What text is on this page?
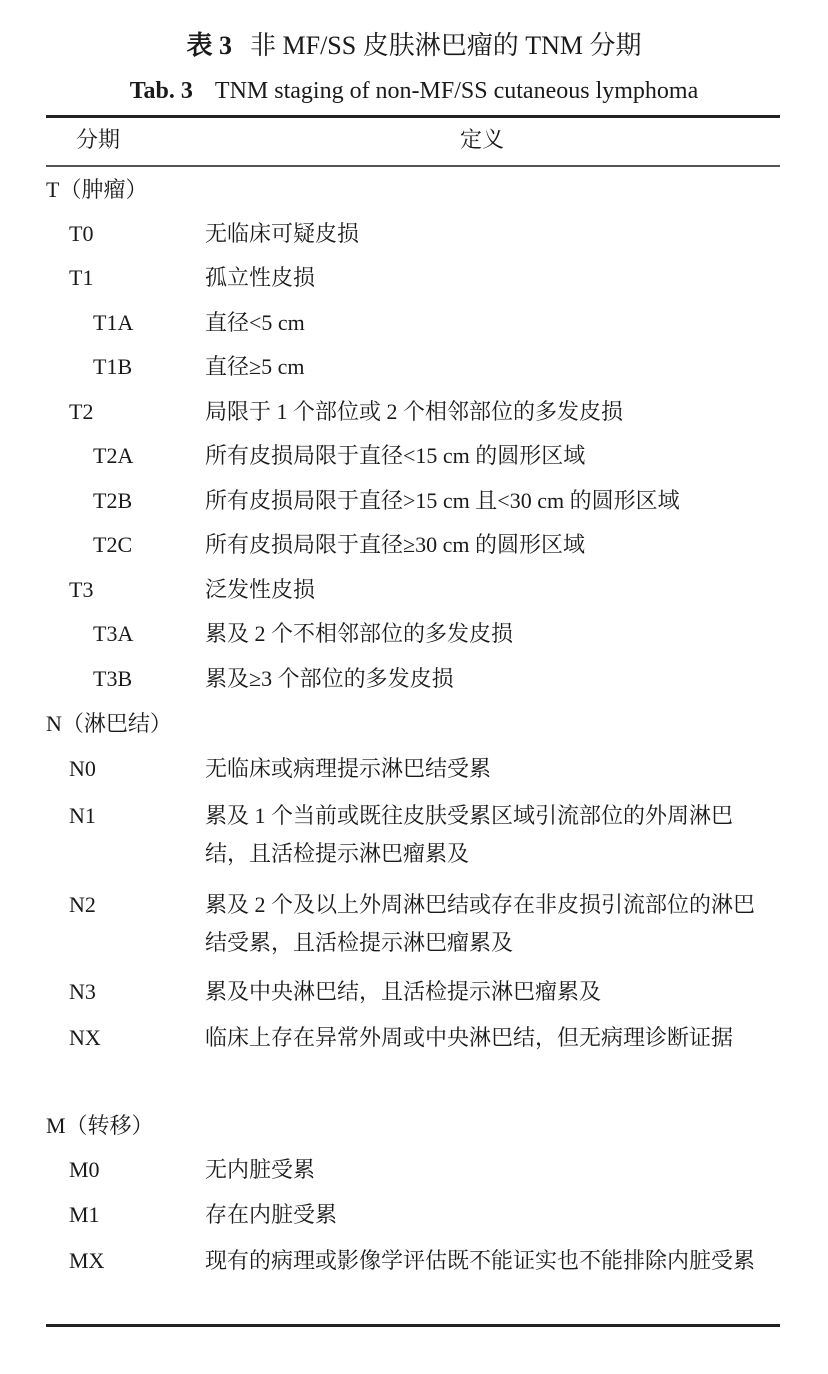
表 3 非 MF/SS 皮肤淋巴瘤的 TNM 分期
Tab. 3 TNM staging of non-MF/SS cutaneous lymphoma
分期	定义
T（肿瘤）
T0	无临床可疑皮损
T1	孤立性皮损
T1A	直径<5 cm
T1B	直径≥5 cm
T2	局限于 1 个部位或 2 个相邻部位的多发皮损
T2A	所有皮损局限于直径<15 cm 的圆形区域
T2B	所有皮损局限于直径>15 cm 且<30 cm 的圆形区域
T2C	所有皮损局限于直径≥30 cm 的圆形区域
T3	泛发性皮损
T3A	累及 2 个不相邻部位的多发皮损
T3B	累及≥3 个部位的多发皮损
N（淋巴结）
N0	无临床或病理提示淋巴结受累
N1	累及 1 个当前或既往皮肤受累区域引流部位的外周淋巴结，且活检提示淋巴瘤累及
N2	累及 2 个及以上外周淋巴结或存在非皮损引流部位的淋巴结受累，且活检提示淋巴瘤累及
N3	累及中央淋巴结，且活检提示淋巴瘤累及
NX	临床上存在异常外周或中央淋巴结，但无病理诊断证据
M（转移）
M0	无内脏受累
M1	存在内脏受累
MX	现有的病理或影像学评估既不能证实也不能排除内脏受累
